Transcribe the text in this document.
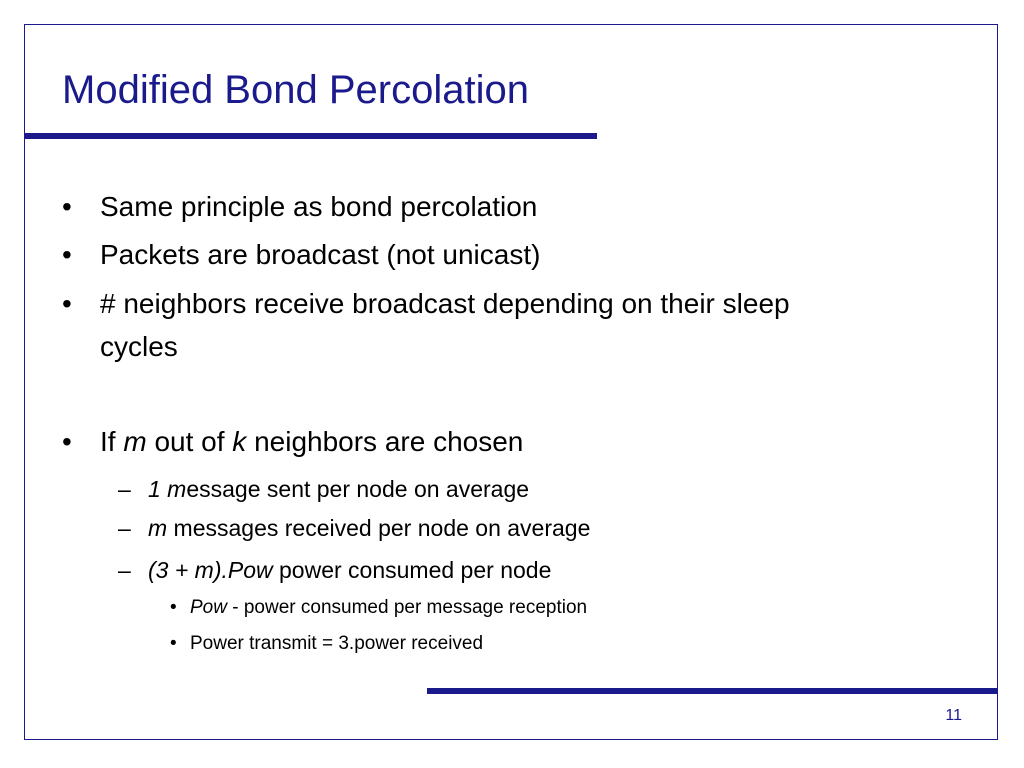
Modified Bond Percolation
• Same principle as bond percolation
• Packets are broadcast (not unicast)
• # neighbors receive broadcast depending on their sleep
cycles
• If m out of k neighbors are chosen
– 1 message sent per node on average
– m messages received per node on average
– (3 + m).Pow power consumed per node
• Pow - power consumed per message reception
• Power transmit = 3.power received
11
